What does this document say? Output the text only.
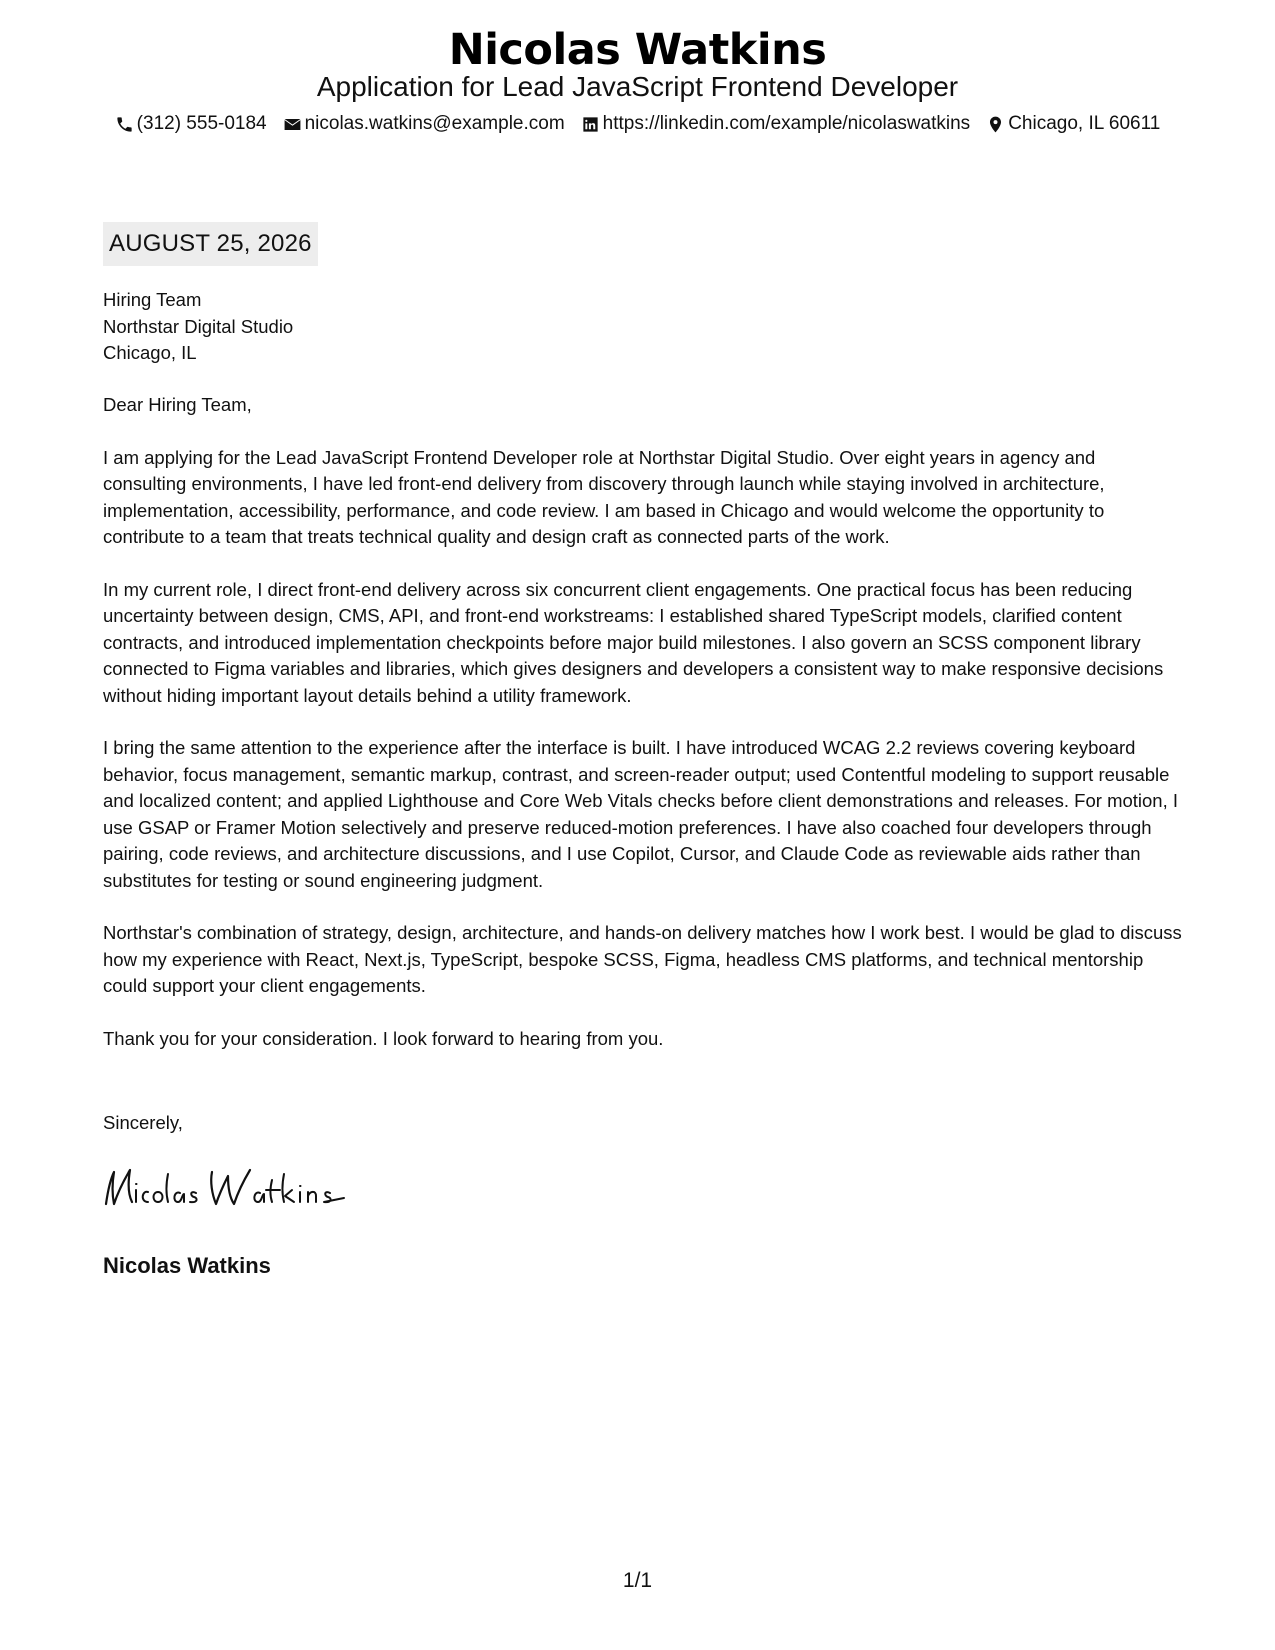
Nicolas Watkins
Application for Lead JavaScript Frontend Developer
(312) 555-0184 nicolas.watkins@example.com https://linkedin.com/example/nicolaswatkins Chicago, IL 60611
AUGUST 25, 2026
Hiring Team
Northstar Digital Studio
Chicago, IL

Dear Hiring Team,

I am applying for the Lead JavaScript Frontend Developer role at Northstar Digital Studio. Over eight years in agency and consulting environments, I have led front-end delivery from discovery through launch while staying involved in architecture, implementation, accessibility, performance, and code review. I am based in Chicago and would welcome the opportunity to contribute to a team that treats technical quality and design craft as connected parts of the work.

In my current role, I direct front-end delivery across six concurrent client engagements. One practical focus has been reducing uncertainty between design, CMS, API, and front-end workstreams: I established shared TypeScript models, clarified content contracts, and introduced implementation checkpoints before major build milestones. I also govern an SCSS component library connected to Figma variables and libraries, which gives designers and developers a consistent way to make responsive decisions without hiding important layout details behind a utility framework.

I bring the same attention to the experience after the interface is built. I have introduced WCAG 2.2 reviews covering keyboard behavior, focus management, semantic markup, contrast, and screen-reader output; used Contentful modeling to support reusable and localized content; and applied Lighthouse and Core Web Vitals checks before client demonstrations and releases. For motion, I use GSAP or Framer Motion selectively and preserve reduced-motion preferences. I have also coached four developers through pairing, code reviews, and architecture discussions, and I use Copilot, Cursor, and Claude Code as reviewable aids rather than substitutes for testing or sound engineering judgment.

Northstar's combination of strategy, design, architecture, and hands-on delivery matches how I work best. I would be glad to discuss how my experience with React, Next.js, TypeScript, bespoke SCSS, Figma, headless CMS platforms, and technical mentorship could support your client engagements.

Thank you for your consideration. I look forward to hearing from you.

Sincerely,
Nicolas Watkins
1/1
